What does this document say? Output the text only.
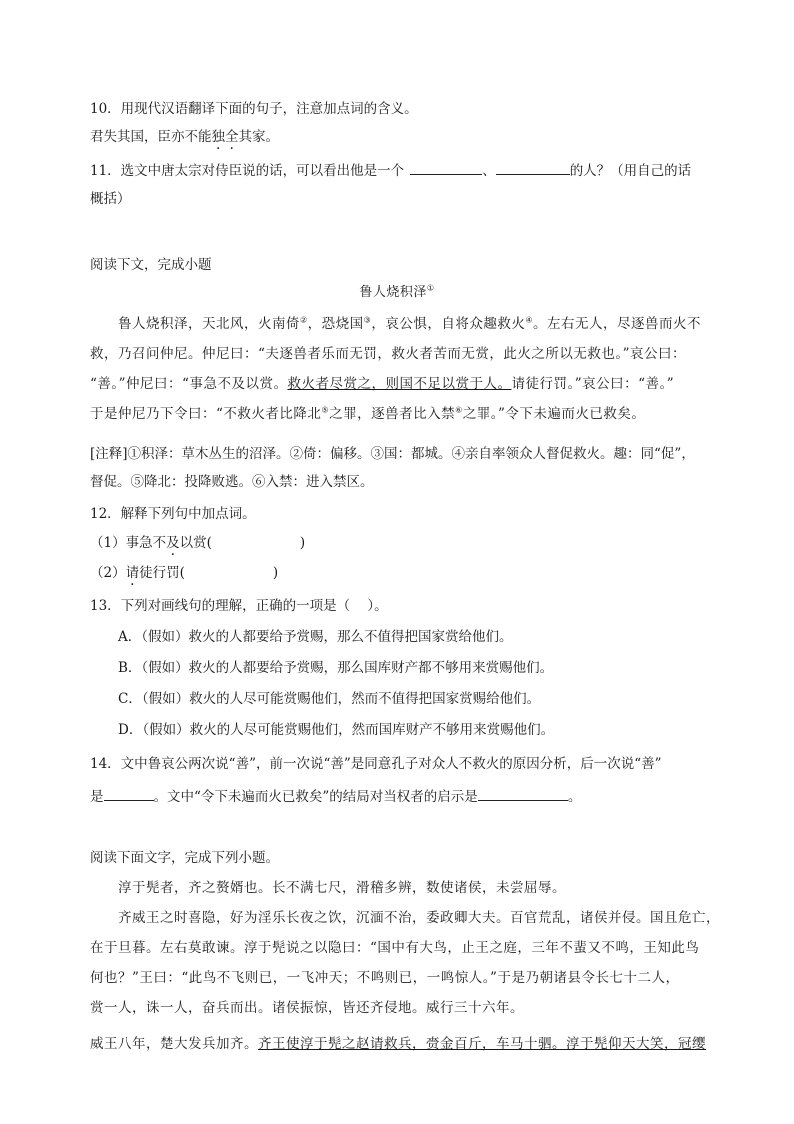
10．用现代汉语翻译下面的句子，注意加点词的含义。
君失其国，臣亦不能独全其家。
11．选文中唐太宗对侍臣说的话，可以看出他是一个	、	的人？（用自己的话
概括）
阅读下文，完成小题
鲁人烧积泽①
鲁人烧积泽，天北风，火南倚②，恐烧国③，哀公惧，自将众趣救火④。左右无人，尽逐兽而火不
救，乃召问仲尼。仲尼曰：“夫逐兽者乐而无罚，救火者苦而无赏，此火之所以无救也。”哀公曰：
“善。”仲尼曰：“事急不及以赏。救火者尽赏之，则国不足以赏于人。请徒行罚。”哀公曰：“善。”
于是仲尼乃下令曰：“不救火者比降北⑤之罪，逐兽者比入禁⑥之罪。”令下未遍而火已救矣。
[注释]①积泽：草木丛生的沼泽。②倚：偏移。③国：都城。④亲自率领众人督促救火。趣：同“促”，
督促。⑤降北：投降败逃。⑥入禁：进入禁区。
12．解释下列句中加点词。
（1）事急不及以赏(	)
（2）请徒行罚(	)
13．下列对画线句的理解，正确的一项是（    ）。
A．（假如）救火的人都要给予赏赐，那么不值得把国家赏给他们。
B．（假如）救火的人都要给予赏赐，那么国库财产都不够用来赏赐他们。
C．（假如）救火的人尽可能赏赐他们，然而不值得把国家赏赐给他们。
D．（假如）救火的人尽可能赏赐他们，然而国库财产不够用来赏赐他们。
14．文中鲁哀公两次说“善”，前一次说“善”是同意孔子对众人不救火的原因分析，后一次说“善”
是	。文中“令下未遍而火已救矣”的结局对当权者的启示是	。
阅读下面文字，完成下列小题。
淳于髡者，齐之赘婿也。长不满七尺，滑稽多辨，数使诸侯，未尝屈辱。
齐威王之时喜隐，好为淫乐长夜之饮，沉湎不治，委政卿大夫。百官荒乱，诸侯并侵。国且危亡，
在于旦暮。左右莫敢谏。淳于髡说之以隐曰：“国中有大鸟，止王之庭，三年不蜚又不鸣，王知此鸟
何也？”王曰：“此鸟不飞则已，一飞冲天；不鸣则已，一鸣惊人。”于是乃朝诸县令长七十二人，
赏一人，诛一人，奋兵而出。诸侯振惊，皆还齐侵地。威行三十六年。
威王八年，楚大发兵加齐。齐王使淳于髡之赵请救兵，赍金百斤，车马十驷。淳于髡仰天大笑，冠缨
